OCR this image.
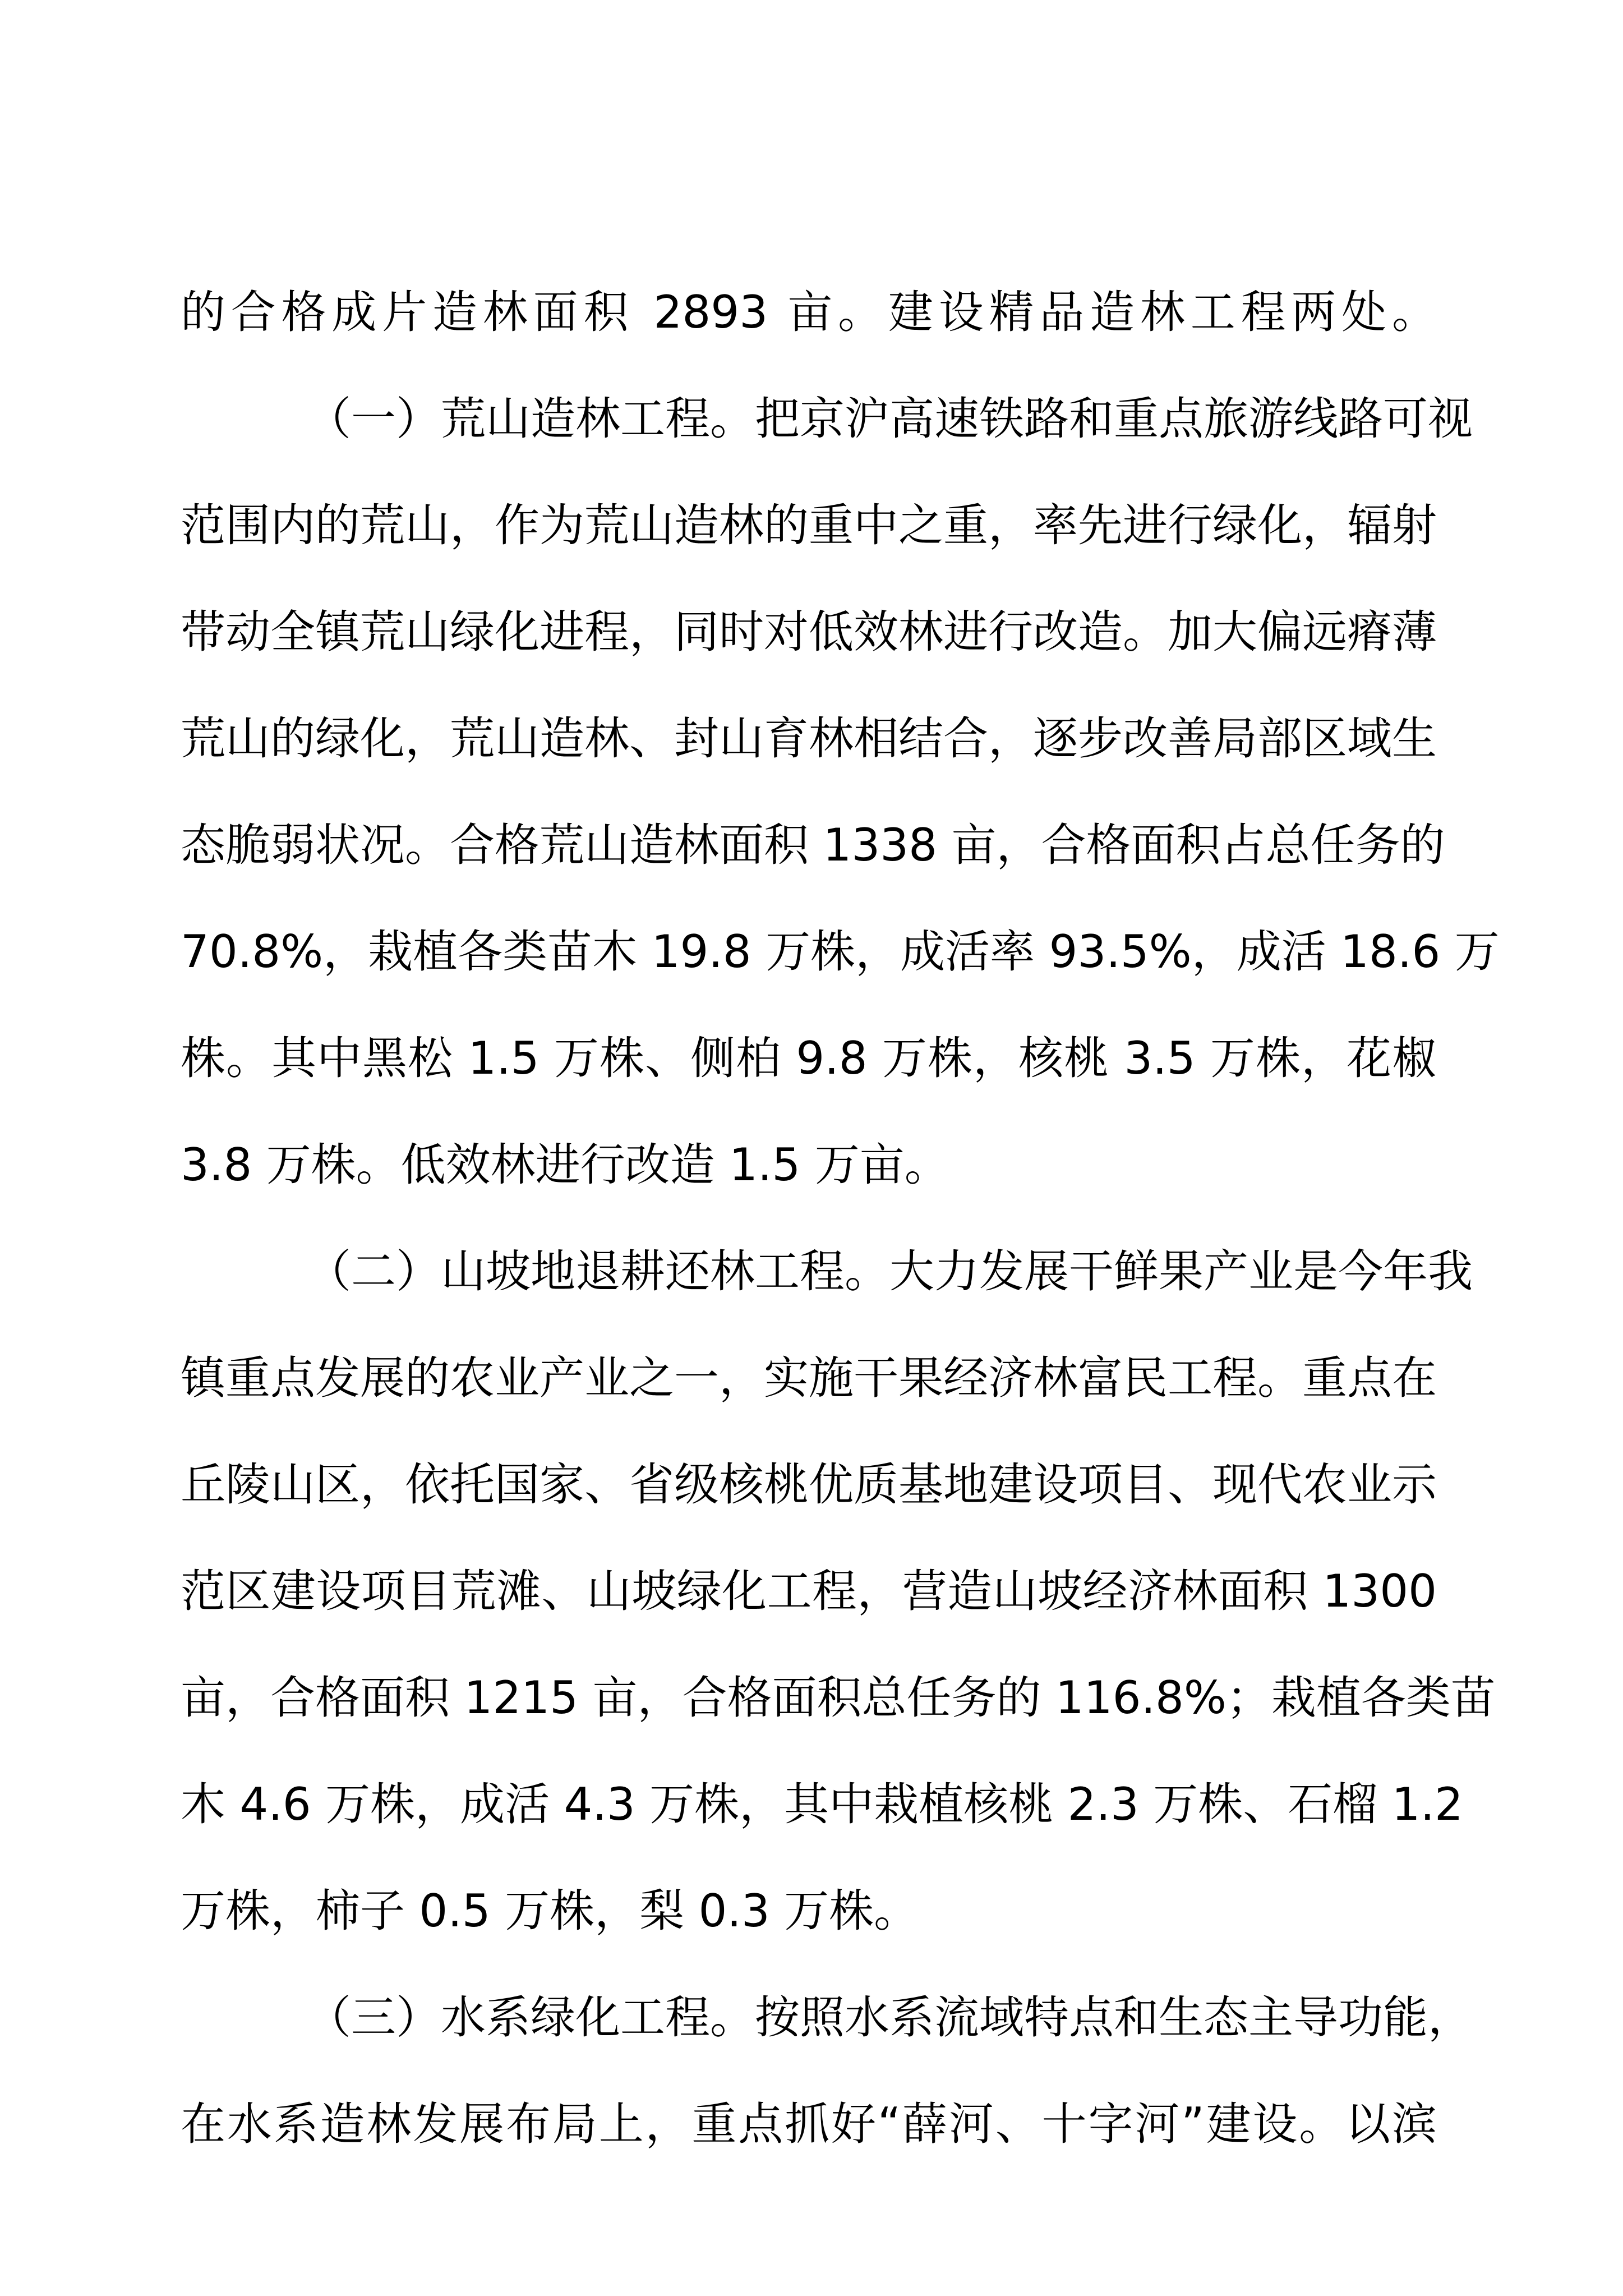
的合格成片造林面积 2893 亩。建设精品造林工程两处。

（一）荒山造林工程。把京沪高速铁路和重点旅游线路可视

范围内的荒山，作为荒山造林的重中之重，率先进行绿化，辐射

带动全镇荒山绿化进程，同时对低效林进行改造。加大偏远瘠薄

荒山的绿化，荒山造林、封山育林相结合，逐步改善局部区域生

态脆弱状况。合格荒山造林面积 1338 亩，合格面积占总任务的

70.8%，栽植各类苗木 19.8 万株，成活率 93.5%，成活 18.6 万

株。其中黑松 1.5 万株、侧柏 9.8 万株，核桃 3.5 万株，花椒

3.8 万株。低效林进行改造 1.5 万亩。

（二）山坡地退耕还林工程。大力发展干鲜果产业是今年我

镇重点发展的农业产业之一，实施干果经济林富民工程。重点在

丘陵山区，依托国家、省级核桃优质基地建设项目、现代农业示

范区建设项目荒滩、山坡绿化工程，营造山坡经济林面积 1300

亩，合格面积 1215 亩，合格面积总任务的 116.8%；栽植各类苗

木 4.6 万株，成活 4.3 万株，其中栽植核桃 2.3 万株、石榴 1.2

万株，柿子 0.5 万株，梨 0.3 万株。

（三）水系绿化工程。按照水系流域特点和生态主导功能，

在水系造林发展布局上，重点抓好“薛河、十字河”建设。以滨
